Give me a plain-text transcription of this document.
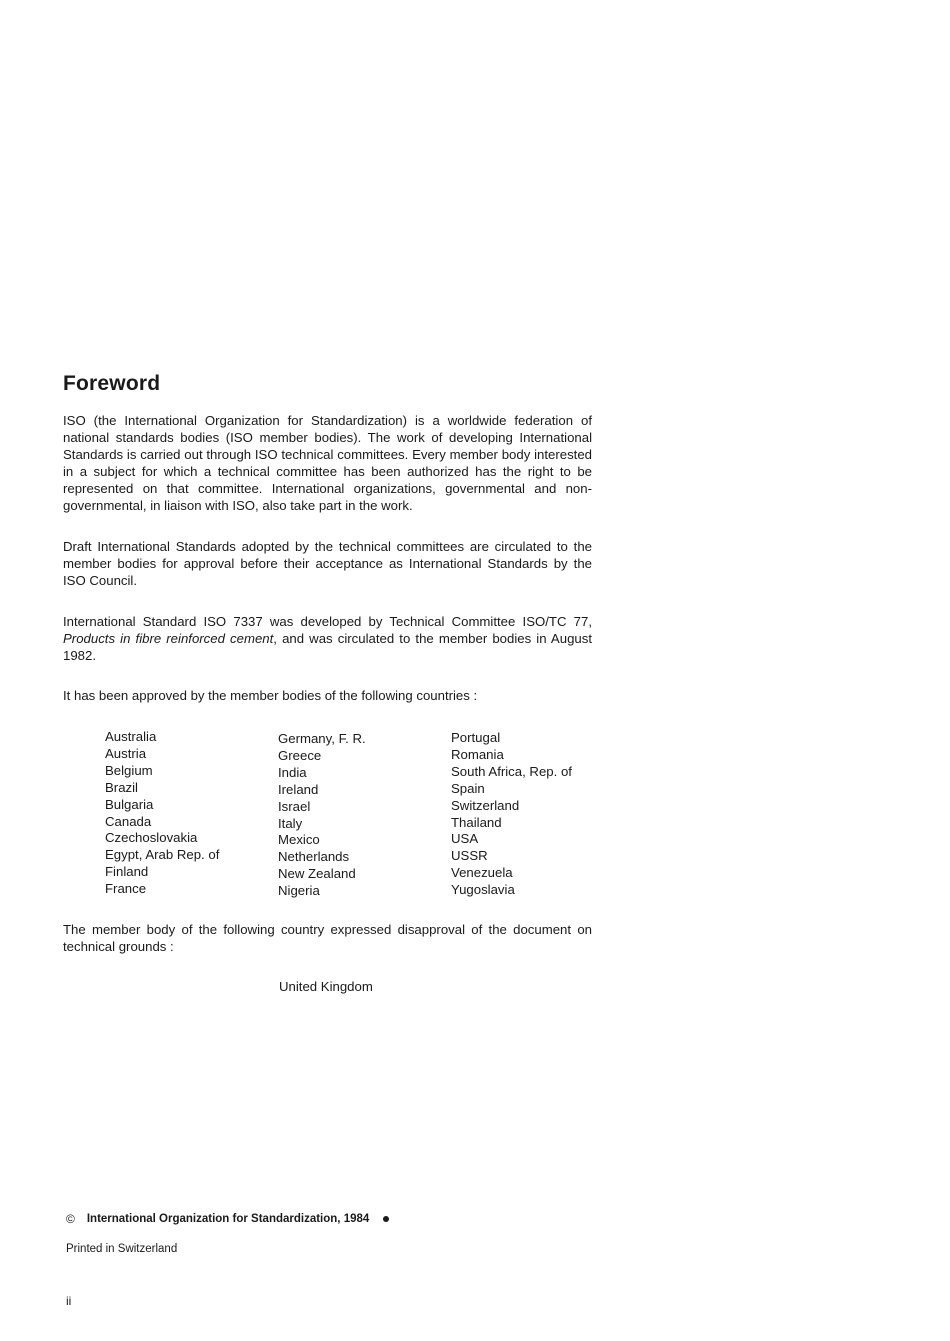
Foreword

ISO (the International Organization for Standardization) is a worldwide federation of national standards bodies (ISO member bodies). The work of developing International Standards is carried out through ISO technical committees. Every member body interested in a subject for which a technical committee has been authorized has the right to be represented on that committee. International organizations, governmental and non-governmental, in liaison with ISO, also take part in the work.

Draft International Standards adopted by the technical committees are circulated to the member bodies for approval before their acceptance as International Standards by the ISO Council.

International Standard ISO 7337 was developed by Technical Committee ISO/TC 77, Products in fibre reinforced cement, and was circulated to the member bodies in August 1982.

It has been approved by the member bodies of the following countries :

Australia
Austria
Belgium
Brazil
Bulgaria
Canada
Czechoslovakia
Egypt, Arab Rep. of
Finland
France
Germany, F. R.
Greece
India
Ireland
Israel
Italy
Mexico
Netherlands
New Zealand
Nigeria
Portugal
Romania
South Africa, Rep. of
Spain
Switzerland
Thailand
USA
USSR
Venezuela
Yugoslavia

The member body of the following country expressed disapproval of the document on technical grounds :

United Kingdom

© International Organization for Standardization, 1984

Printed in Switzerland

ii
